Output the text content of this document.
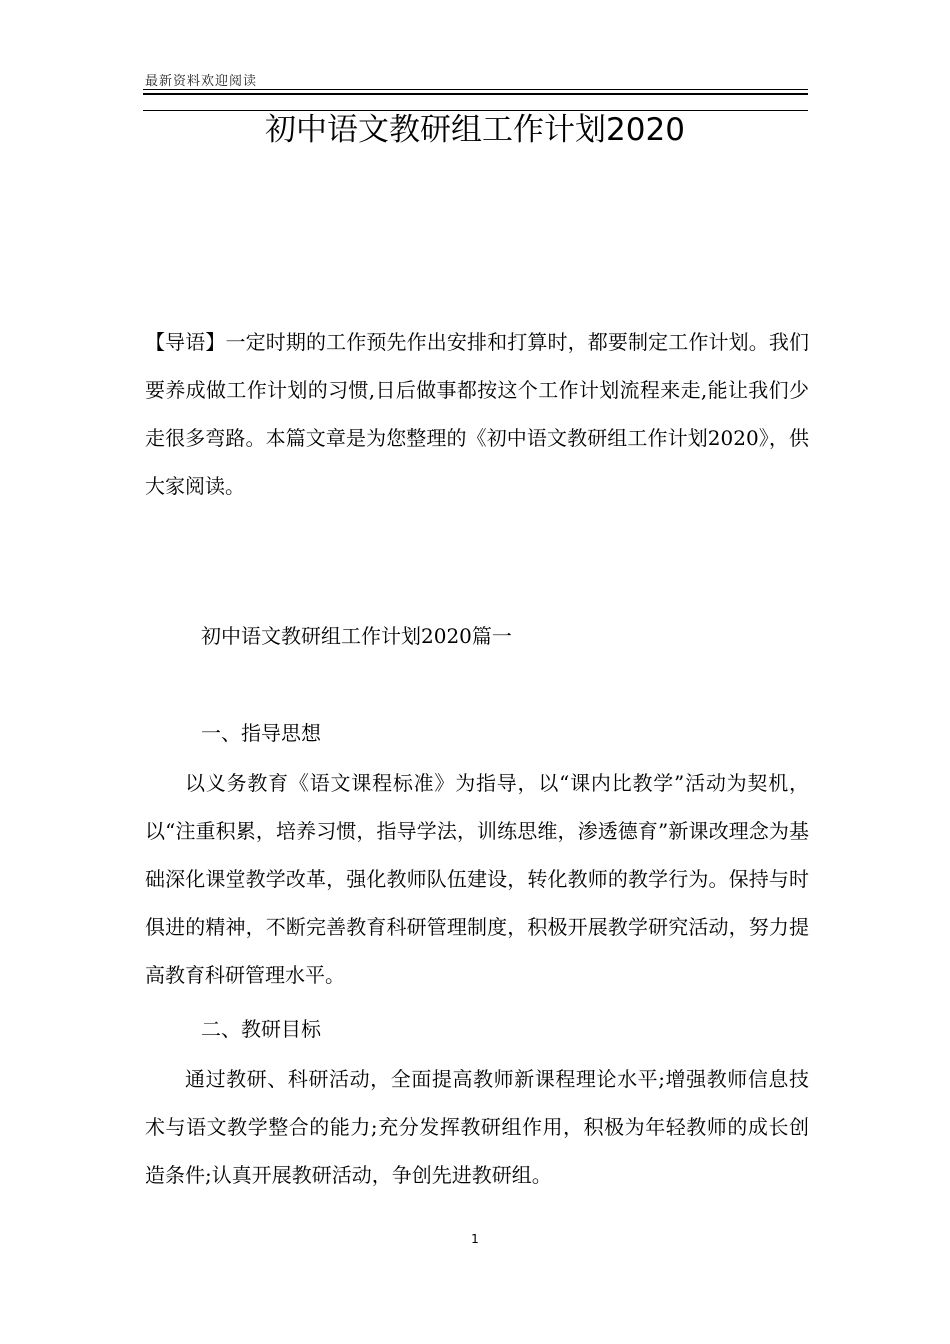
最新资料欢迎阅读
初中语文教研组工作计划2020

【导语】一定时期的工作预先作出安排和打算时，都要制定工作计划。我们要养成做工作计划的习惯,日后做事都按这个工作计划流程来走,能让我们少走很多弯路。本篇文章是为您整理的《初中语文教研组工作计划2020》，供大家阅读。

初中语文教研组工作计划2020篇一

一、指导思想

以义务教育《语文课程标准》为指导，以“课内比教学”活动为契机，以“注重积累，培养习惯，指导学法，训练思维，渗透德育”新课改理念为基础深化课堂教学改革，强化教师队伍建设，转化教师的教学行为。保持与时俱进的精神，不断完善教育科研管理制度，积极开展教学研究活动，努力提高教育科研管理水平。

二、教研目标

通过教研、科研活动，全面提高教师新课程理论水平;增强教师信息技术与语文教学整合的能力;充分发挥教研组作用，积极为年轻教师的成长创造条件;认真开展教研活动，争创先进教研组。

1
